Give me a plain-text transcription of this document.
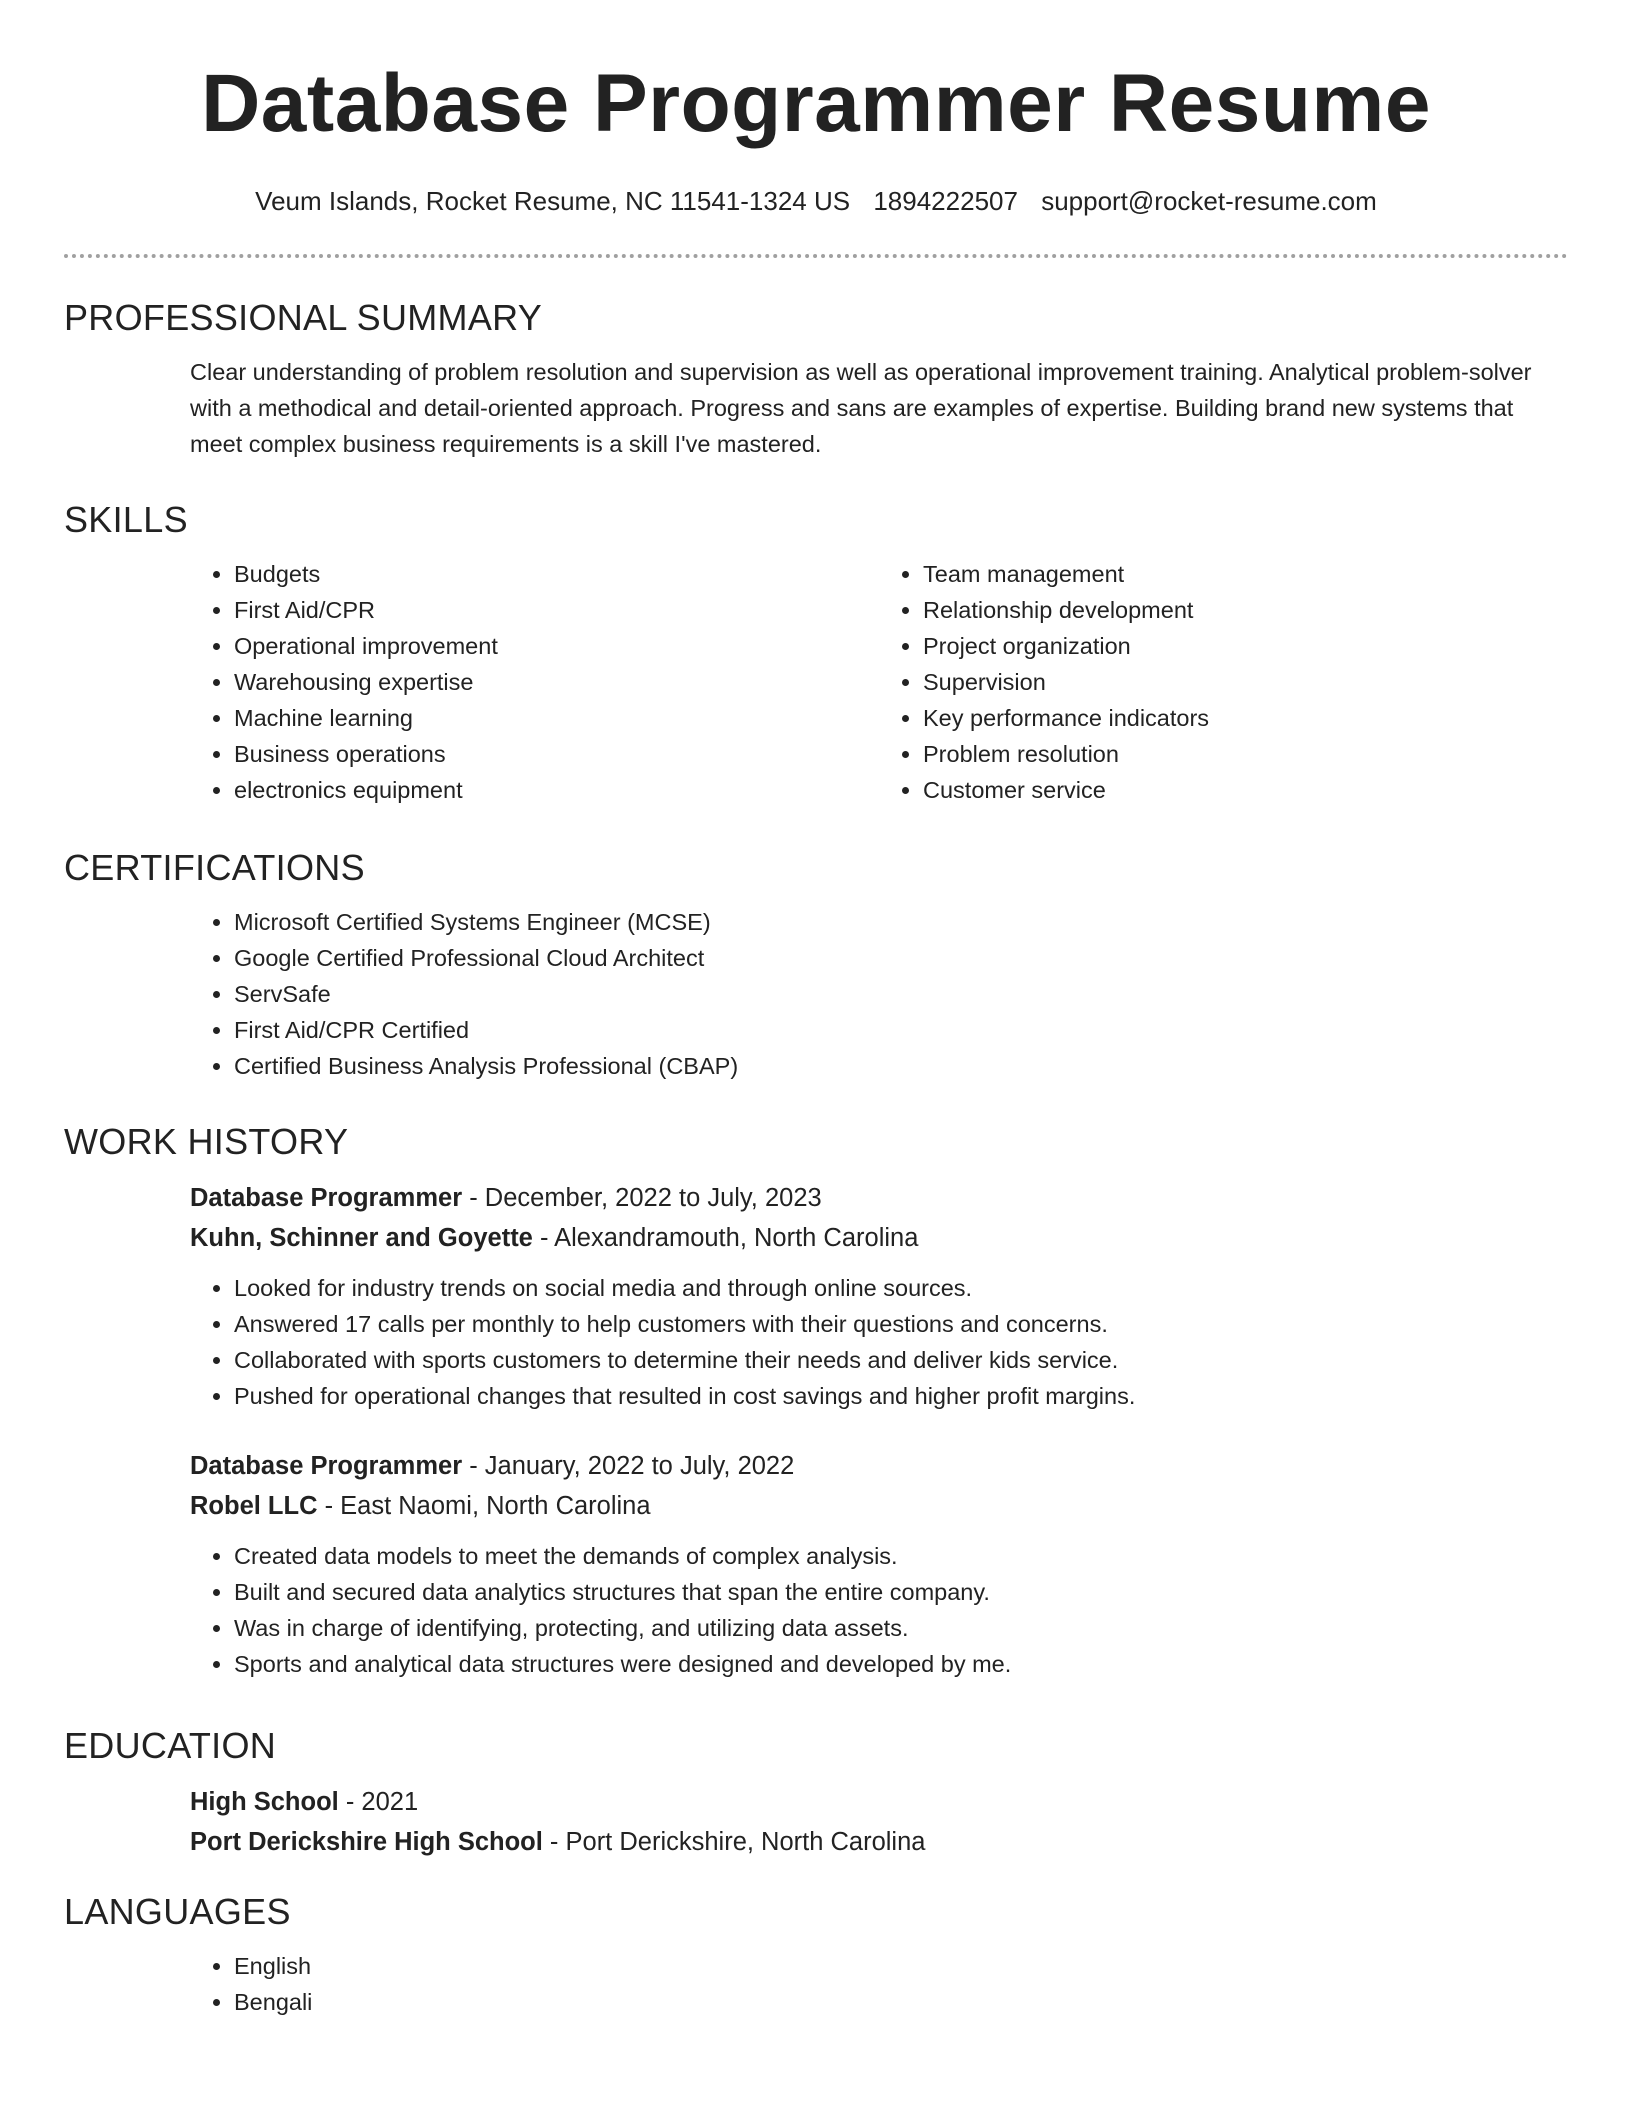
Database Programmer Resume
Veum Islands, Rocket Resume, NC 11541-1324 US 1894222507 support@rocket-resume.com
PROFESSIONAL SUMMARY

Clear understanding of problem resolution and supervision as well as operational improvement training. Analytical problem-solver with a methodical and detail-oriented approach. Progress and sans are examples of expertise. Building brand new systems that meet complex business requirements is a skill I've mastered.

SKILLS
• Budgets
• First Aid/CPR
• Operational improvement
• Warehousing expertise
• Machine learning
• Business operations
• electronics equipment
• Team management
• Relationship development
• Project organization
• Supervision
• Key performance indicators
• Problem resolution
• Customer service
CERTIFICATIONS
• Microsoft Certified Systems Engineer (MCSE)
• Google Certified Professional Cloud Architect
• ServSafe
• First Aid/CPR Certified
• Certified Business Analysis Professional (CBAP)
WORK HISTORY
Database Programmer - December, 2022 to July, 2023
Kuhn, Schinner and Goyette - Alexandramouth, North Carolina
• Looked for industry trends on social media and through online sources.
• Answered 17 calls per monthly to help customers with their questions and concerns.
• Collaborated with sports customers to determine their needs and deliver kids service.
• Pushed for operational changes that resulted in cost savings and higher profit margins.
Database Programmer - January, 2022 to July, 2022
Robel LLC - East Naomi, North Carolina
• Created data models to meet the demands of complex analysis.
• Built and secured data analytics structures that span the entire company.
• Was in charge of identifying, protecting, and utilizing data assets.
• Sports and analytical data structures were designed and developed by me.
EDUCATION
High School - 2021
Port Derickshire High School - Port Derickshire, North Carolina
LANGUAGES
• English
• Bengali
